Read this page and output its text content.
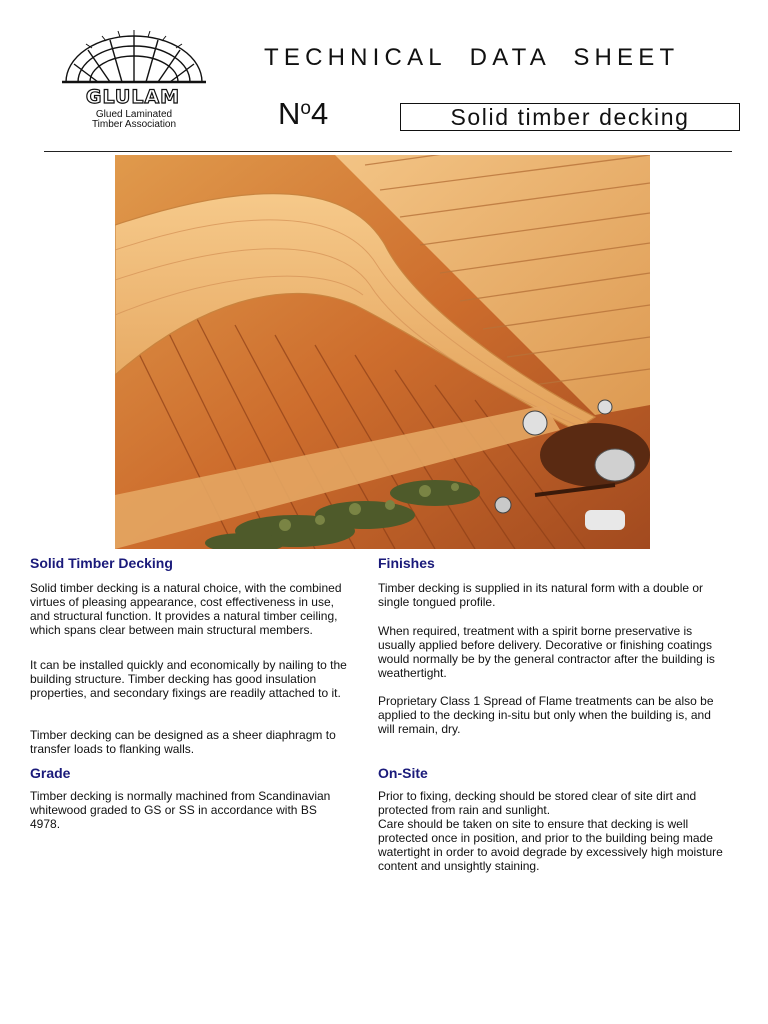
GLULAM
Glued Laminated
Timber Association
TECHNICAL  DATA  SHEET
$N^o4$	Solid timber decking
Solid Timber Decking

Solid timber decking is a natural choice, with the combined virtues of pleasing appearance, cost effectiveness in use, and structural function. It provides a natural timber ceiling, which spans clear between main structural members.

It can be installed quickly and economically by nailing to the building structure. Timber decking has good insulation properties, and secondary fixings are readily attached to it.

Timber decking can be designed as a sheer diaphragm to transfer loads to flanking walls.

Grade

Timber decking is normally machined from Scandinavian whitewood graded to GS or SS in accordance with BS 4978.

Finishes

Timber decking is supplied in its natural form with a double or single tongued profile.

When required, treatment with a spirit borne preservative is usually applied before delivery. Decorative or finishing coatings would normally be by the general contractor after the building is weathertight.

Proprietary Class 1 Spread of Flame treatments can be also be applied to the decking in-situ but only when the building is, and will remain, dry.

On-Site

Prior to fixing, decking should be stored clear of site dirt and protected from rain and sunlight.

Care should be taken on site to ensure that decking is well protected once in position, and prior to the building being made watertight in order to avoid degrade by excessively high moisture content and unsightly staining.
